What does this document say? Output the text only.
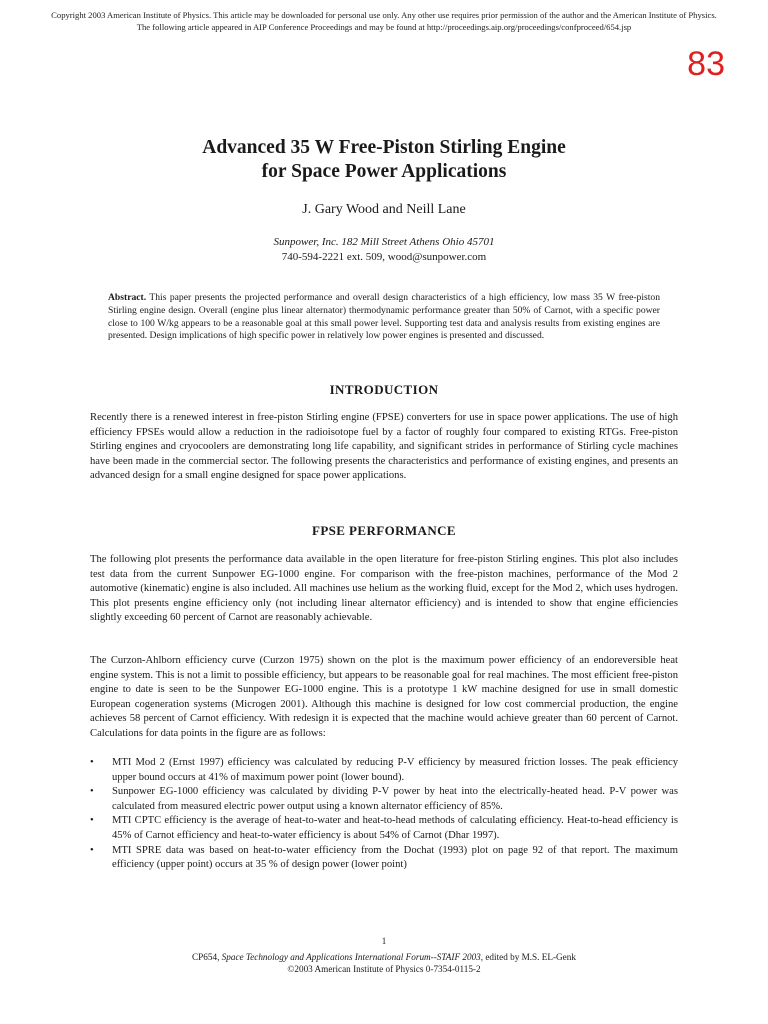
Copyright 2003 American Institute of Physics. This article may be downloaded for personal use only. Any other use requires prior permission of the author and the American Institute of Physics.
The following article appeared in AIP Conference Proceedings and may be found at http://proceedings.aip.org/proceedings/confproceed/654.jsp
83
Advanced 35 W Free-Piston Stirling Engine
for Space Power Applications
J. Gary Wood and Neill Lane
Sunpower, Inc. 182 Mill Street Athens Ohio 45701
740-594-2221 ext. 509, wood@sunpower.com
Abstract. This paper presents the projected performance and overall design characteristics of a high efficiency, low mass 35 W free-piston Stirling engine design. Overall (engine plus linear alternator) thermodynamic performance greater than 50% of Carnot, with a specific power close to 100 W/kg appears to be a reasonable goal at this small power level. Supporting test data and analysis results from existing engines are presented. Design implications of high specific power in relatively low power engines is presented and discussed.
INTRODUCTION
Recently there is a renewed interest in free-piston Stirling engine (FPSE) converters for use in space power applications. The use of high efficiency FPSEs would allow a reduction in the radioisotope fuel by a factor of roughly four compared to existing RTGs. Free-piston Stirling engines and cryocoolers are demonstrating long life capability, and significant strides in performance of Stirling cycle machines have been made in the commercial sector. The following presents the characteristics and performance of existing engines, and presents an advanced design for a small engine designed for space power applications.
FPSE PERFORMANCE
The following plot presents the performance data available in the open literature for free-piston Stirling engines. This plot also includes test data from the current Sunpower EG-1000 engine. For comparison with the free-piston machines, performance of the Mod 2 automotive (kinematic) engine is also included. All machines use helium as the working fluid, except for the Mod 2, which uses hydrogen. This plot presents engine efficiency only (not including linear alternator efficiency) and is intended to show that engine efficiencies slightly exceeding 60 percent of Carnot are reasonably achievable.
The Curzon-Ahlborn efficiency curve (Curzon 1975) shown on the plot is the maximum power efficiency of an endoreversible heat engine system. This is not a limit to possible efficiency, but appears to be reasonable goal for real machines. The most efficient free-piston engine to date is seen to be the Sunpower EG-1000 engine. This is a prototype 1 kW machine designed for use in small domestic European cogeneration systems (Microgen 2001). Although this machine is designed for low cost commercial production, the engine achieves 58 percent of Carnot efficiency. With redesign it is expected that the machine would achieve greater than 60 percent of Carnot. Calculations for data points in the figure are as follows:
• MTI Mod 2 (Ernst 1997) efficiency was calculated by reducing P-V efficiency by measured friction losses. The peak efficiency upper bound occurs at 41% of maximum power point (lower bound).
• Sunpower EG-1000 efficiency was calculated by dividing P-V power by heat into the electrically-heated head. P-V power was calculated from measured electric power output using a known alternator efficiency of 85%.
• MTI CPTC efficiency is the average of heat-to-water and heat-to-head methods of calculating efficiency. Heat-to-head efficiency is 45% of Carnot efficiency and heat-to-water efficiency is about 54% of Carnot (Dhar 1997).
• MTI SPRE data was based on heat-to-water efficiency from the Dochat (1993) plot on page 92 of that report. The maximum efficiency (upper point) occurs at 35 % of design power (lower point)
1
CP654, Space Technology and Applications International Forum--STAIF 2003, edited by M.S. EL-Genk
©2003 American Institute of Physics 0-7354-0115-2
